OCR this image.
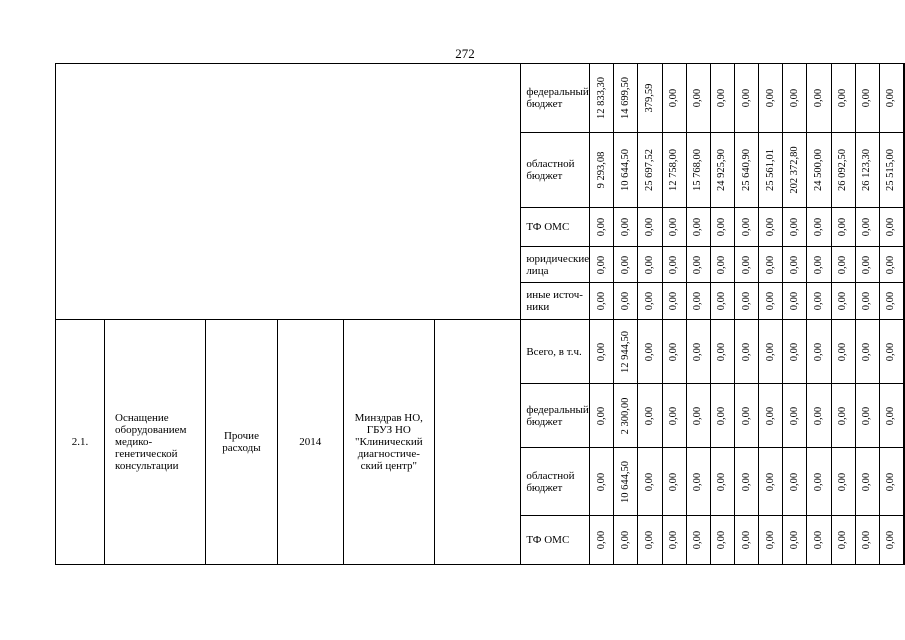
272
						федеральный бюджет	12 833,30	14 699,50	379,59	0,00	0,00	0,00	0,00	0,00	0,00	0,00	0,00	0,00	0,00

						областной бюджет	9 293,08	10 644,50	25 697,52	12 758,00	15 768,00	24 925,90	25 640,90	25 561,01	202 372,80	24 500,00	26 092,50	26 123,30	25 515,00

						ТФ ОМС	0,00	0,00	0,00	0,00	0,00	0,00	0,00	0,00	0,00	0,00	0,00	0,00	0,00

						юридические лица	0,00	0,00	0,00	0,00	0,00	0,00	0,00	0,00	0,00	0,00	0,00	0,00	0,00

						иные источ-ники	0,00	0,00	0,00	0,00	0,00	0,00	0,00	0,00	0,00	0,00	0,00	0,00	0,00

2.1.	Оснащение оборудованием медико-генетической консультации	Прочие расходы	2014	Минздрав НО, ГБУЗ НО "Клинический диагностиче-ский центр"		Всего, в т.ч.	0,00	12 944,50	0,00	0,00	0,00	0,00	0,00	0,00	0,00	0,00	0,00	0,00	0,00

						федеральный бюджет	0,00	2 300,00	0,00	0,00	0,00	0,00	0,00	0,00	0,00	0,00	0,00	0,00	0,00

						областной бюджет	0,00	10 644,50	0,00	0,00	0,00	0,00	0,00	0,00	0,00	0,00	0,00	0,00	0,00

						ТФ ОМС	0,00	0,00	0,00	0,00	0,00	0,00	0,00	0,00	0,00	0,00	0,00	0,00	0,00
